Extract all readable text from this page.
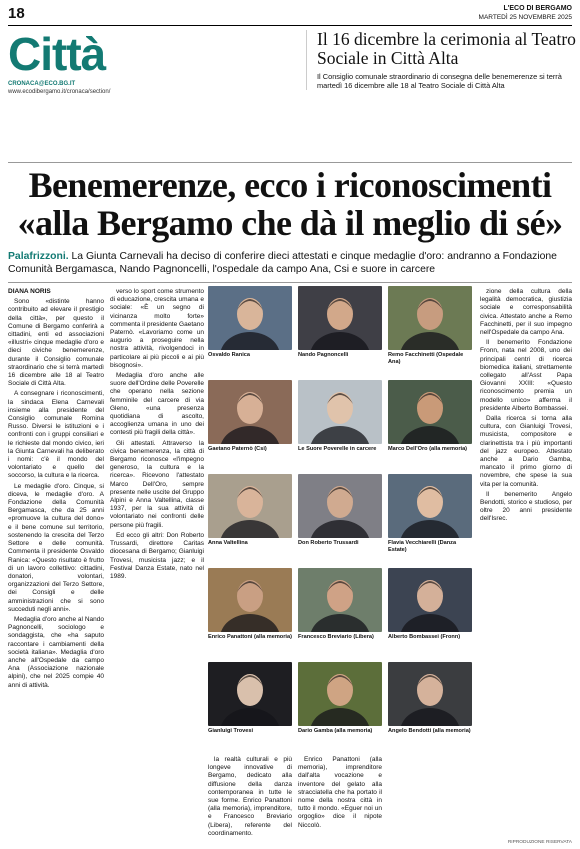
18	L'ECO DI BERGAMO
MARTEDÌ 25 NOVEMBRE 2025
Città
CRONACA@ECO.BG.IT
www.ecodibergamo.it/cronaca/section/
Il 16 dicembre la cerimonia al Teatro Sociale in Città Alta
Il Consiglio comunale straordinario di consegna delle benemerenze si terrà martedì 16 dicembre alle 18 al Teatro Sociale di Città Alta
Benemerenze, ecco i riconoscimenti «alla Bergamo che dà il meglio di sé»
Palafrizzoni. La Giunta Carnevali ha deciso di conferire dieci attestati e cinque medaglie d'oro: andranno a Fondazione Comunità Bergamasca, Nando Pagnoncelli, l'ospedale da campo Ana, Csi e suore in carcere

DIANA NORIS

Sono «distinte hanno contribuito ad elevare il prestigio della città», per questo il Comune di Bergamo conferirà a cittadini, enti ed associazioni «illustri» cinque medaglie d'oro e dieci civiche benemerenze, durante il Consiglio comunale straordinario che si terrà martedì 16 dicembre alle 18 al Teatro Sociale di Città Alta.

A consegnare i riconoscimenti, la sindaca Elena Carnevali insieme alla presidente del Consiglio comunale Romina Russo. Diversi le istituzioni e i confronti con i gruppi consiliari e le richieste dal mondo civico, ieri la Giunta Carnevali ha deliberato i nomi: c'è il mondo del volontariato e quello del soccorso, la cultura e la ricerca.

Le medaglie d'oro. Cinque, si diceva, le medaglie d'oro. A Fondazione della Comunità Bergamasca, che da 25 anni «promuove la cultura del dono» e il bene comune sul territorio, sostenendo la crescita del Terzo Settore e delle comunità. Commenta il presidente Osvaldo Ranica: «Questo risultato è frutto di un lavoro collettivo: cittadini, donatori, volontari, organizzazioni del Terzo Settore, dei Consigli e delle amministrazioni che si sono succeduti negli anni».

Medaglia d'oro anche al Nando Pagnoncelli, sociologo e sondaggista, che «ha saputo raccontare i cambiamenti della società italiana». Medaglia d'oro anche all'Ospedale da campo Ana (Associazione nazionale alpini), che nel 2025 compie 40 anni di attività.

verso lo sport come strumento di educazione, crescita umana e sociale: «È un segno di vicinanza molto forte» commenta il presidente Gaetano Paternò. «Lavoriamo come un augurio a proseguire nella nostra attività, rivolgendoci in particolare ai più piccoli e ai più bisognosi».

Medaglia d'oro anche alle suore dell'Ordine delle Poverelle che operano nella sezione femminile del carcere di via Gleno, «una presenza quotidiana di ascolto, accoglienza umana in uno dei contesti più fragili della città».

Gli attestati. Attraverso la civica benemerenza, la città di Bergamo riconosce «l'impegno generoso, la cultura e la ricerca». Ricevono l'attestato Marco Dell'Oro, sempre presente nelle uscite del Gruppo Alpini e Anna Valtellina, classe 1937, per la sua attività di volontariato nei confronti delle persone più fragili.

Ed ecco gli altri: Don Roberto Trussardi, direttore Caritas diocesana di Bergamo; Gianluigi Trovesi, musicista jazz; e il Festival Danza Estate, nato nel 1989.

Osvaldo Ranica	Nando Pagnoncelli	Remo Facchinetti (Ospedale Ana)
Gaetano Paternò (Csi)	Le Suore Poverelle in carcere	Marco Dell'Oro (alla memoria)
Anna Valtellina	Don Roberto Trussardi	Flavia Vecchiarelli (Danza Estate)
Enrico Panattoni (alla memoria)	Francesco Breviario (Libera)	Alberto Bombassei (Fronn)
Gianluigi Trovesi	Dario Gamba (alla memoria)	Angelo Bendotti (alla memoria)

la realtà culturali e più longeve innovative di Bergamo, dedicato alla diffusione della danza contemporanea in tutte le sue forme. Enrico Panattoni (alla memoria), imprenditore, e Francesco Breviario (Libera), referente del coordinamento.

Enrico Panattoni (alla memoria), imprenditore dall'alta vocazione e inventore del gelato alla stracciatella che ha portato il nome della nostra città in tutto il mondo. «Eguer noi un orgoglio» dice il nipote Niccolò.

zione della cultura della legalità democratica, giustizia sociale e corresponsabilità civica. Attestato anche a Remo Facchinetti, per il suo impegno nell'Ospedale da campo Ana.

Il benemerito Fondazione Fronn, nata nel 2008, uno dei principali centri di ricerca biomedica italiani, strettamente collegato all'Asst Papa Giovanni XXIII: «Questo riconoscimento premia un modello unico» afferma il presidente Alberto Bombassei.

Dalla ricerca si torna alla cultura, con Gianluigi Trovesi, musicista, compositore e clarinettista tra i più importanti del jazz europeo. Attestato anche a Dario Gamba, mancato il primo giorno di novembre, che spese la sua vita per la comunità.

Il benemerito Angelo Bendotti, storico e studioso, per oltre 20 anni presidente dell'Isrec.

RIPRODUZIONE RISERVATA
